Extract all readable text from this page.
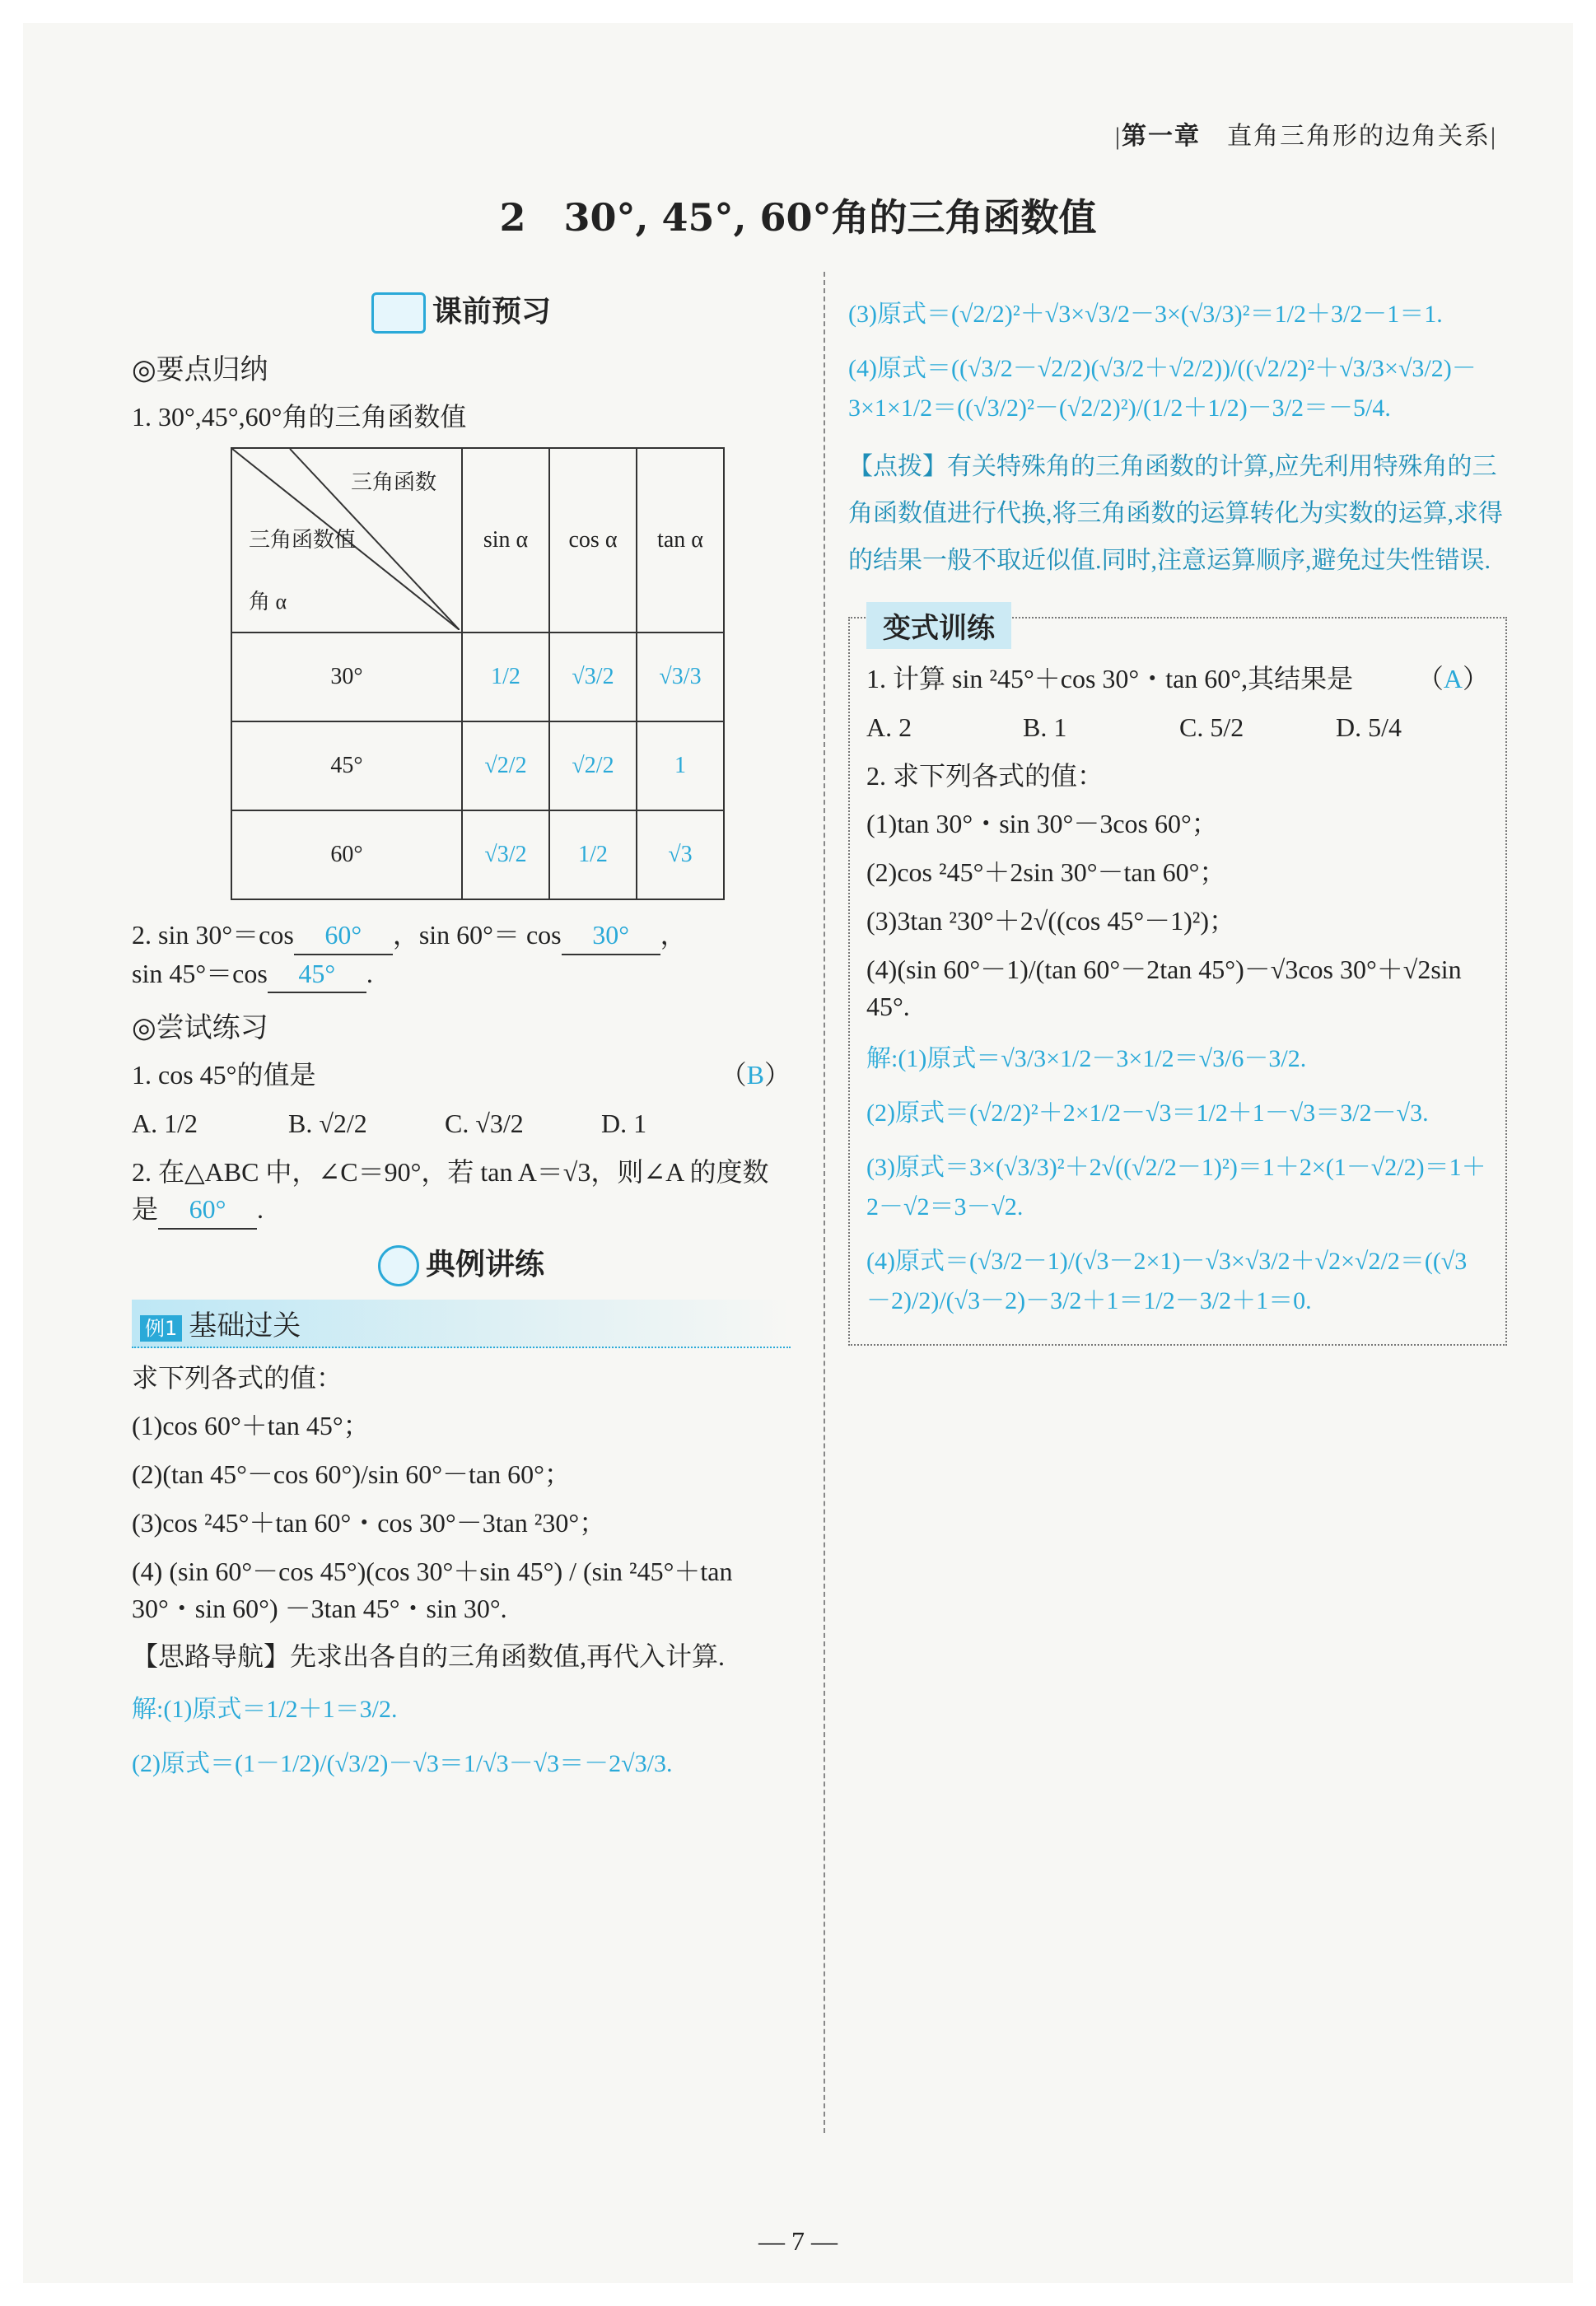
|第一章　 直角三角形的边角关系|
2　30°, 45°, 60°角的三角函数值
课前预习
◎要点归纳
1. 30°,45°,60°角的三角函数值
三角函数
三角函数值
角 α	sin α	cos α	tan α
30°	1/2	√3/2	√3/3
45°	√2/2	√2/2	1
60°	√3/2	1/2	√3
2. sin 30°＝cos 60° ，sin 60°＝ cos 30° ，
sin 45°＝cos 45° .
◎尝试练习
1. cos 45°的值是	（B）
A. 1/2	B. √2/2	C. √3/2	D. 1
2. 在△ABC 中，∠C＝90°，若 tan A＝√3，则∠A 的度数是 60° .
典例讲练
例1 基础过关
求下列各式的值：
(1)cos 60°＋tan 45°；
(2)(tan 45°－cos 60°)/sin 60°－tan 60°；
(3)cos ²45°＋tan 60°・cos 30°－3tan ²30°；
(4) (sin 60°－cos 45°)(cos 30°＋sin 45°) / (sin ²45°＋tan 30°・sin 60°) －3tan 45°・sin 30°.
【思路导航】先求出各自的三角函数值,再代入计算.
解:(1)原式＝1/2＋1＝3/2.
(2)原式＝(1－1/2)/(√3/2)－√3＝1/√3－√3＝－2√3/3.
(3)原式＝(√2/2)²＋√3×√3/2－3×(√3/3)²＝1/2＋3/2－1＝1.
(4)原式＝((√3/2－√2/2)(√3/2＋√2/2))/((√2/2)²＋√3/3×√3/2)－3×1×1/2＝((√3/2)²－(√2/2)²)/(1/2＋1/2)－3/2＝－5/4.
【点拨】有关特殊角的三角函数的计算,应先利用特殊角的三角函数值进行代换,将三角函数的运算转化为实数的运算,求得的结果一般不取近似值.同时,注意运算顺序,避免过失性错误.
变式训练
1. 计算 sin ²45°＋cos 30°・tan 60°,其结果是 （A）
A. 2	B. 1	C. 5/2	D. 5/4
2. 求下列各式的值：
(1)tan 30°・sin 30°－3cos 60°；
(2)cos ²45°＋2sin 30°－tan 60°；
(3)3tan ²30°＋2√((cos 45°－1)²)；
(4)(sin 60°－1)/(tan 60°－2tan 45°)－√3cos 30°＋√2sin 45°.
解:(1)原式＝√3/3×1/2－3×1/2＝√3/6－3/2.
(2)原式＝(√2/2)²＋2×1/2－√3＝1/2＋1－√3＝3/2－√3.
(3)原式＝3×(√3/3)²＋2√((√2/2－1)²)＝1＋2×(1－√2/2)＝1＋2－√2＝3－√2.
(4)原式＝(√3/2－1)/(√3－2×1)－√3×√3/2＋√2×√2/2＝((√3－2)/2)/(√3－2)－3/2＋1＝1/2－3/2＋1＝0.
— 7 —
